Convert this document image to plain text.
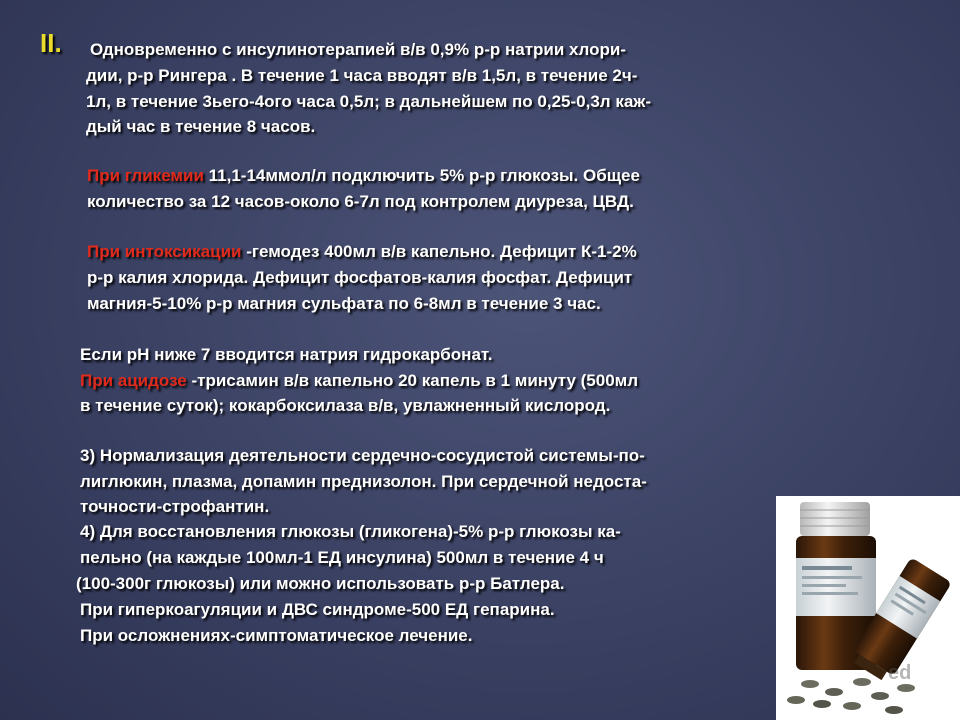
II. Одновременно с инсулинотерапией в/в 0,9% р-р натрии хлори-

дии, р-р Рингера . В течение 1 часа вводят в/в 1,5л, в течение 2ч-

1л, в течение 3ьего-4ого часа 0,5л; в дальнейшем по 0,25-0,3л каж-

дый час в течение 8 часов.

При гликемии 11,1-14ммол/л подключить 5% р-р глюкозы. Общее

количество за 12 часов-около 6-7л под контролем диуреза, ЦВД.

При интоксикации -гемодез 400мл в/в капельно. Дефицит К-1-2%

р-р калия хлорида. Дефицит фосфатов-калия фосфат. Дефицит

магния-5-10% р-р магния сульфата по 6-8мл в течение 3 час.

Если рН ниже 7 вводится натрия гидрокарбонат.

При ацидозе -трисамин в/в капельно 20 капель в 1 минуту (500мл

в течение суток); кокарбоксилаза в/в, увлажненный кислород.

3) Нормализация деятельности сердечно-сосудистой системы-по-

лиглюкин, плазма, допамин преднизолон. При сердечной недоста-

точности-строфантин.

4) Для восстановления глюкозы (гликогена)-5% р-р глюкозы ка-

пельно (на каждые 100мл-1 ЕД инсулина) 500мл в течение 4 ч

(100-300г глюкозы) или можно использовать р-р Батлера.

При гиперкоагуляции и ДВС синдроме-500 ЕД гепарина.

При осложнениях-симптоматическое лечение.

ed
